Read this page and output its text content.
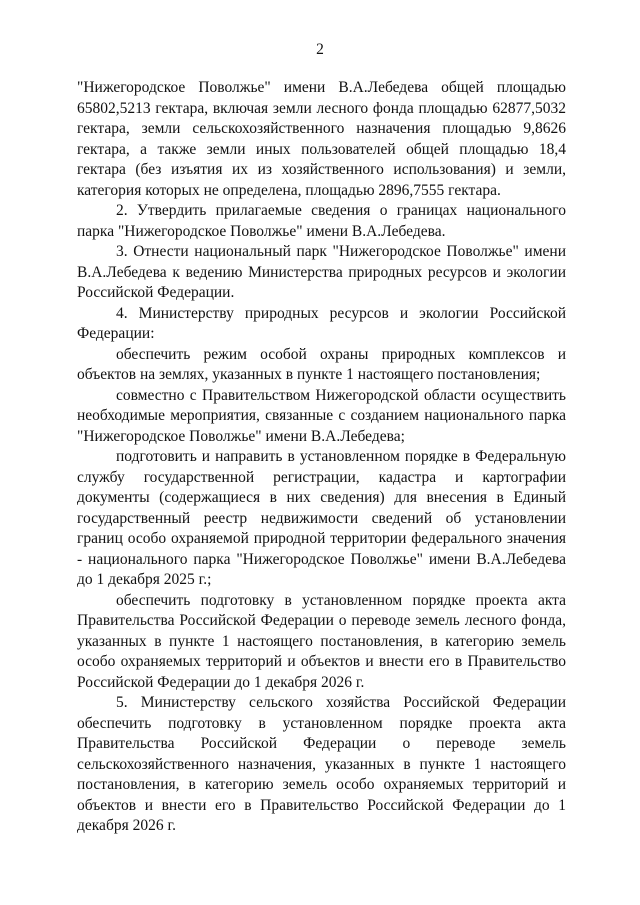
2

"Нижегородское Поволжье" имени В.А.Лебедева общей площадью 65802,5213 гектара, включая земли лесного фонда площадью 62877,5032 гектара, земли сельскохозяйственного назначения площадью 9,8626 гектара, а также земли иных пользователей общей площадью 18,4 гектара (без изъятия их из хозяйственного использования) и земли, категория которых не определена, площадью 2896,7555 гектара.

2. Утвердить прилагаемые сведения о границах национального парка "Нижегородское Поволжье" имени В.А.Лебедева.

3. Отнести национальный парк "Нижегородское Поволжье" имени В.А.Лебедева к ведению Министерства природных ресурсов и экологии Российской Федерации.

4. Министерству природных ресурсов и экологии Российской Федерации:

обеспечить режим особой охраны природных комплексов и объектов на землях, указанных в пункте 1 настоящего постановления;

совместно с Правительством Нижегородской области осуществить необходимые мероприятия, связанные с созданием национального парка "Нижегородское Поволжье" имени В.А.Лебедева;

подготовить и направить в установленном порядке в Федеральную службу государственной регистрации, кадастра и картографии документы (содержащиеся в них сведения) для внесения в Единый государственный реестр недвижимости сведений об установлении границ особо охраняемой природной территории федерального значения - национального парка "Нижегородское Поволжье" имени В.А.Лебедева до 1 декабря 2025 г.;

обеспечить подготовку в установленном порядке проекта акта Правительства Российской Федерации о переводе земель лесного фонда, указанных в пункте 1 настоящего постановления, в категорию земель особо охраняемых территорий и объектов и внести его в Правительство Российской Федерации до 1 декабря 2026 г.

5. Министерству сельского хозяйства Российской Федерации обеспечить подготовку в установленном порядке проекта акта Правительства Российской Федерации о переводе земель сельскохозяйственного назначения, указанных в пункте 1 настоящего постановления, в категорию земель особо охраняемых территорий и объектов и внести его в Правительство Российской Федерации до 1 декабря 2026 г.
